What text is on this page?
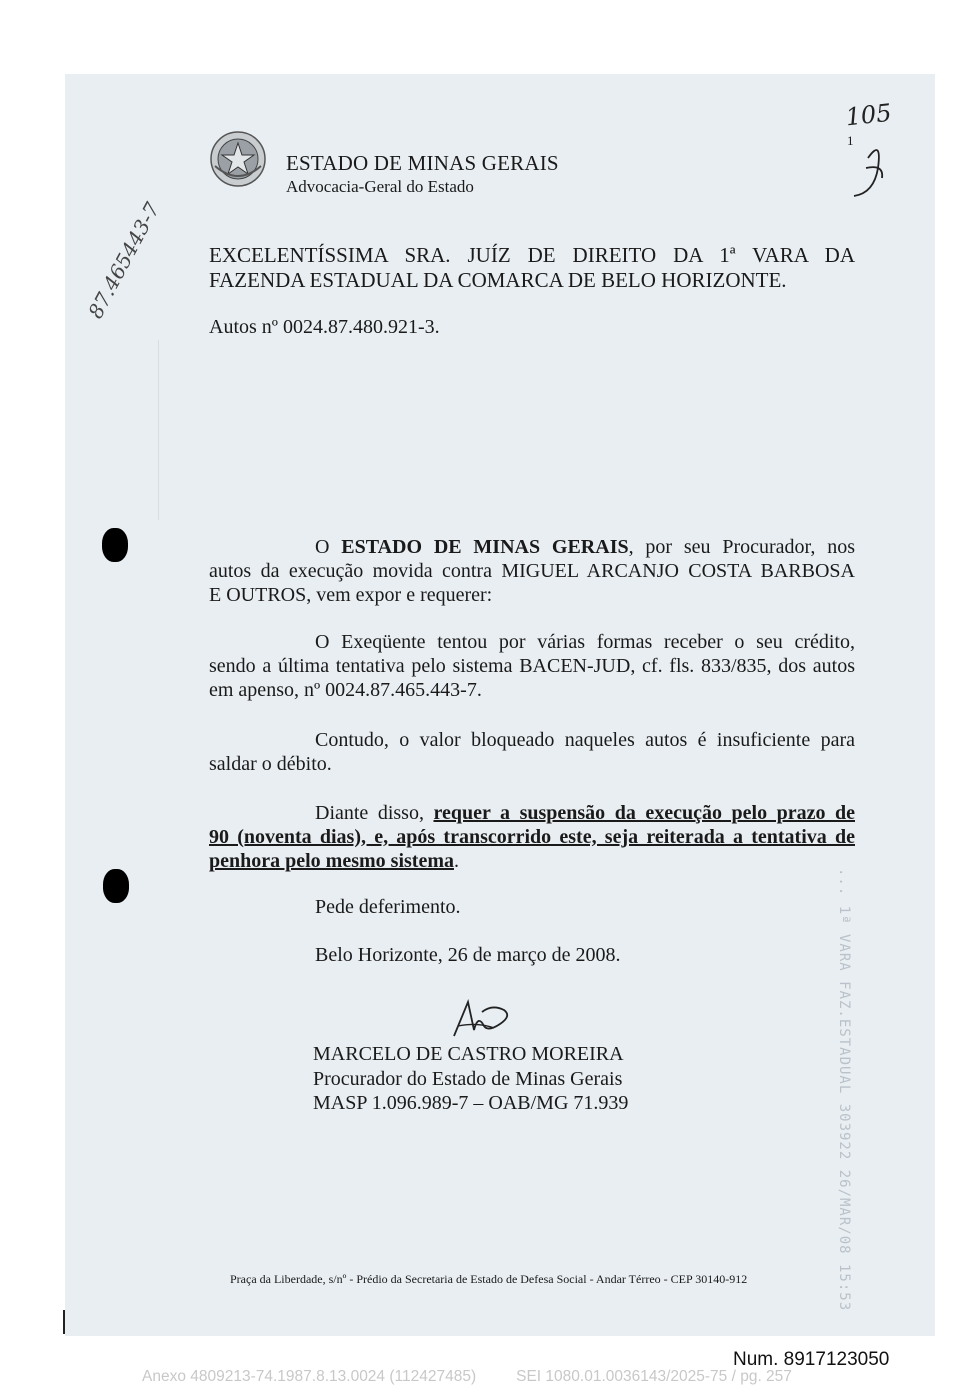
ESTADO DE MINAS GERAIS
Advocacia-Geral do Estado
1
105
87.465443-7 EXCELENTÍSSIMA SRA. JUÍZ DE DIREITO DA 1ª VARA DA
FAZENDA ESTADUAL DA COMARCA DE BELO HORIZONTE.
Autos nº 0024.87.480.921-3.
O ESTADO DE MINAS GERAIS, por seu Procurador, nos
autos da execução movida contra MIGUEL ARCANJO COSTA BARBOSA
E OUTROS, vem expor e requerer:
O Exeqüente tentou por várias formas receber o seu crédito,
sendo a última tentativa pelo sistema BACEN-JUD, cf. fls. 833/835, dos autos
em apenso, nº 0024.87.465.443-7.
Contudo, o valor bloqueado naqueles autos é insuficiente para
saldar o débito.
Diante disso, requer a suspensão da execução pelo prazo de
90 (noventa dias), e, após transcorrido este, seja reiterada a tentativa de
penhora pelo mesmo sistema.
Pede deferimento.
Belo Horizonte, 26 de março de 2008.
MARCELO DE CASTRO MOREIRA
Procurador do Estado de Minas Gerais
MASP 1.096.989-7 – OAB/MG 71.939
Praça da Liberdade, s/nº - Prédio da Secretaria de Estado de Defesa Social - Andar Térreo - CEP 30140-912	... 1ª VARA FAZ.ESTADUAL 303922 26/MAR/08 15:53
Num. 8917123050
Anexo 4809213-74.1987.8.13.0024 (112427485)	SEI 1080.01.0036143/2025-75 / pg. 257
